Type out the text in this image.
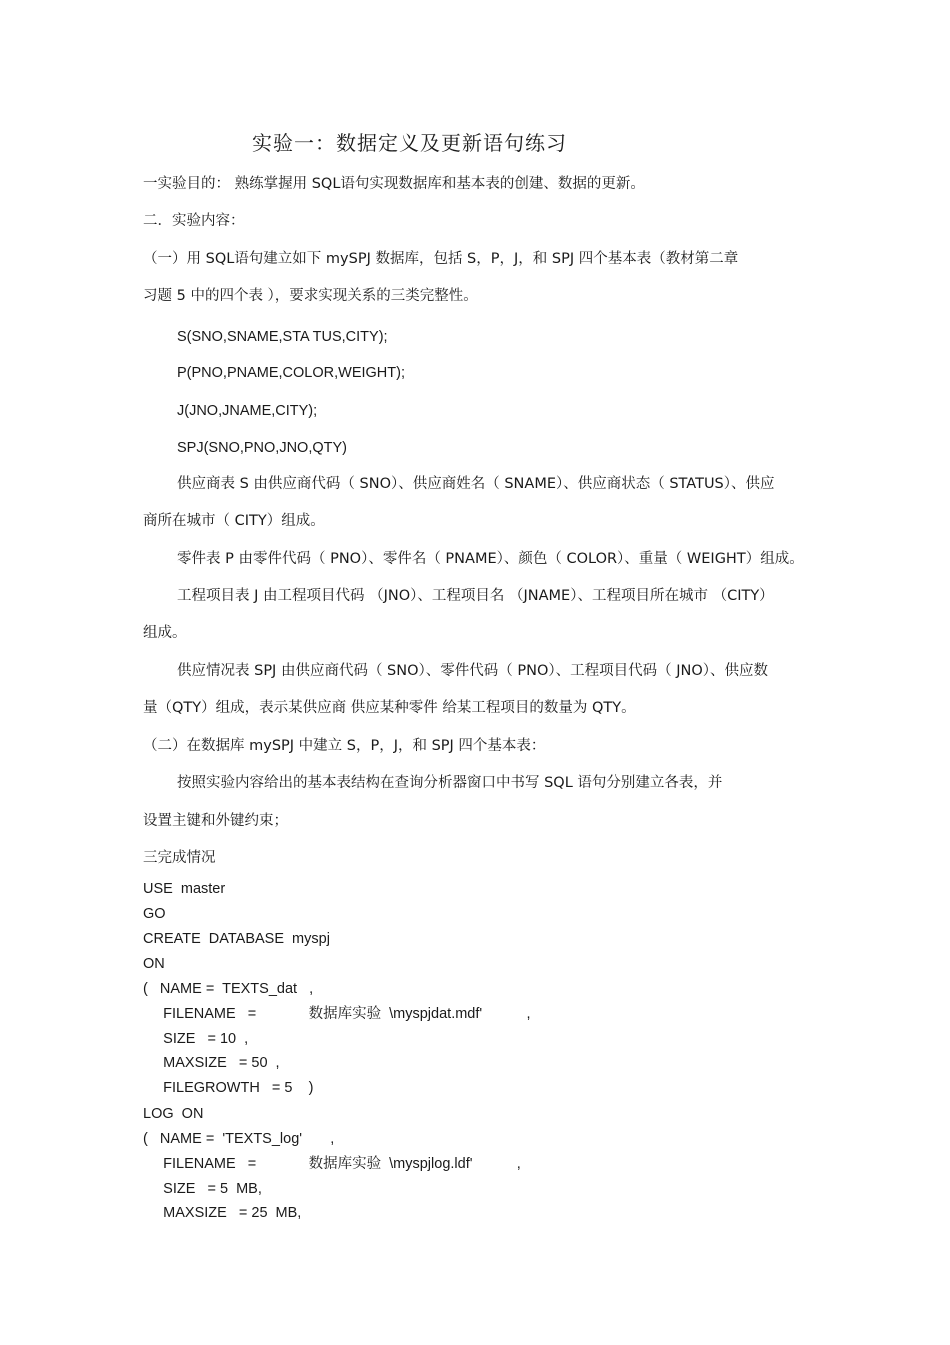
实验一：数据定义及更新语句练习
一实验目的： 熟练掌握用 SQL语句实现数据库和基本表的创建、数据的更新。
二．实验内容：
（一）用 SQL语句建立如下 mySPJ 数据库，包括 S，P，J，和 SPJ 四个基本表（教材第二章
习题 5 中的四个表 ），要求实现关系的三类完整性。
S(SNO,SNAME,STA TUS,CITY);
P(PNO,PNAME,COLOR,WEIGHT);
J(JNO,JNAME,CITY);
SPJ(SNO,PNO,JNO,QTY)
供应商表 S 由供应商代码（ SNO）、供应商姓名（ SNAME）、供应商状态（ STATUS）、供应
商所在城市（ CITY）组成。
零件表 P 由零件代码（ PNO）、零件名（ PNAME）、颜色（ COLOR）、重量（ WEIGHT）组成。
工程项目表 J 由工程项目代码 （JNO）、工程项目名 （JNAME）、工程项目所在城市 （CITY）
组成。
供应情况表 SPJ 由供应商代码（ SNO）、零件代码（ PNO）、工程项目代码（ JNO）、供应数
量（QTY）组成，表示某供应商 供应某种零件 给某工程项目的数量为 QTY。
（二）在数据库 mySPJ 中建立 S，P，J，和 SPJ 四个基本表：
按照实验内容给出的基本表结构在查询分析器窗口中书写 SQL 语句分别建立各表，并
设置主键和外键约束；
三完成情况
USE  master
GO
CREATE  DATABASE  myspj
ON
(   NAME =  TEXTS_dat   ,
FILENAME   =             数据库实验  \myspjdat.mdf'           ,
SIZE   = 10  ,
MAXSIZE   = 50  ,
FILEGROWTH   = 5    )
LOG  ON
(   NAME =  'TEXTS_log'       ,
FILENAME   =             数据库实验  \myspjlog.ldf'           ,
SIZE   = 5  MB,
MAXSIZE   = 25  MB,
